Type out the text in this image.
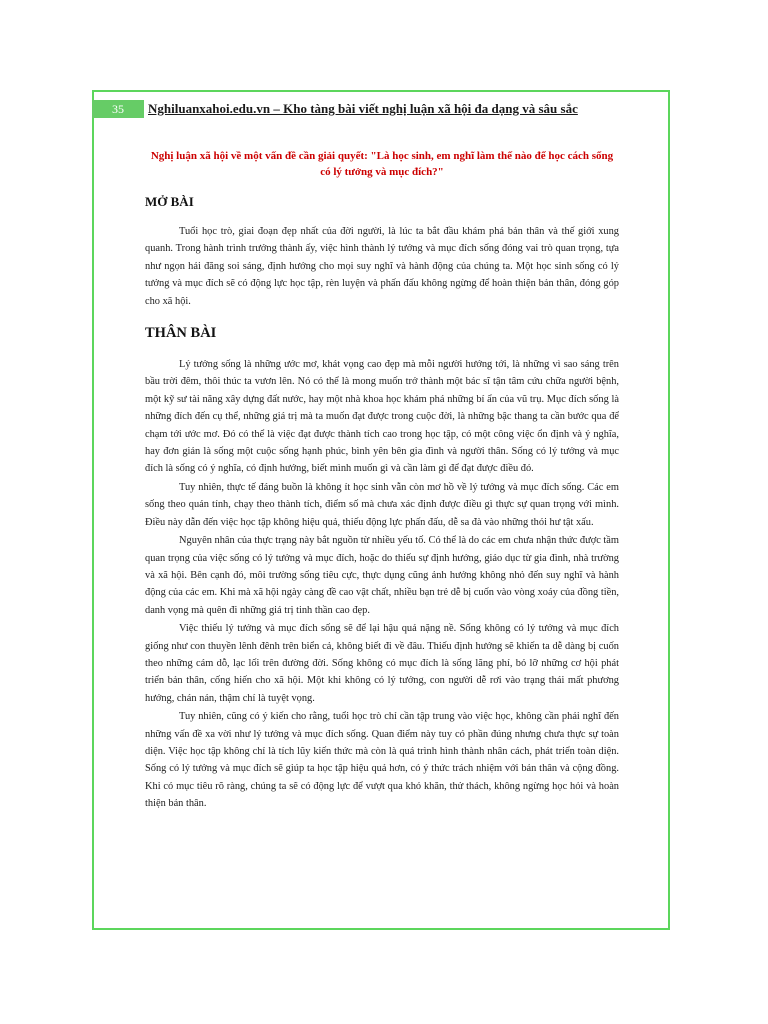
35	Nghiluanxahoi.edu.vn – Kho tàng bài viết nghị luận xã hội đa dạng và sâu sắc
Nghị luận xã hội về một vấn đề cần giải quyết: "Là học sinh, em nghĩ làm thế nào để học cách sống có lý tưởng và mục đích?"
MỞ BÀI

Tuổi học trò, giai đoạn đẹp nhất của đời người, là lúc ta bắt đầu khám phá bản thân và thế giới xung quanh. Trong hành trình trưởng thành ấy, việc hình thành lý tưởng và mục đích sống đóng vai trò quan trọng, tựa như ngọn hải đăng soi sáng, định hướng cho mọi suy nghĩ và hành động của chúng ta. Một học sinh sống có lý tưởng và mục đích sẽ có động lực học tập, rèn luyện và phấn đấu không ngừng để hoàn thiện bản thân, đóng góp cho xã hội.

THÂN BÀI

Lý tưởng sống là những ước mơ, khát vọng cao đẹp mà mỗi người hướng tới, là những vì sao sáng trên bầu trời đêm, thôi thúc ta vươn lên. Nó có thể là mong muốn trở thành một bác sĩ tận tâm cứu chữa người bệnh, một kỹ sư tài năng xây dựng đất nước, hay một nhà khoa học khám phá những bí ẩn của vũ trụ. Mục đích sống là những đích đến cụ thể, những giá trị mà ta muốn đạt được trong cuộc đời, là những bậc thang ta cần bước qua để chạm tới ước mơ. Đó có thể là việc đạt được thành tích cao trong học tập, có một công việc ổn định và ý nghĩa, hay đơn giản là sống một cuộc sống hạnh phúc, bình yên bên gia đình và người thân. Sống có lý tưởng và mục đích là sống có ý nghĩa, có định hướng, biết mình muốn gì và cần làm gì để đạt được điều đó.

Tuy nhiên, thực tế đáng buồn là không ít học sinh vẫn còn mơ hồ về lý tưởng và mục đích sống. Các em sống theo quán tính, chạy theo thành tích, điểm số mà chưa xác định được điều gì thực sự quan trọng với mình. Điều này dẫn đến việc học tập không hiệu quả, thiếu động lực phấn đấu, dễ sa đà vào những thói hư tật xấu.

Nguyên nhân của thực trạng này bắt nguồn từ nhiều yếu tố. Có thể là do các em chưa nhận thức được tầm quan trọng của việc sống có lý tưởng và mục đích, hoặc do thiếu sự định hướng, giáo dục từ gia đình, nhà trường và xã hội. Bên cạnh đó, môi trường sống tiêu cực, thực dụng cũng ảnh hưởng không nhỏ đến suy nghĩ và hành động của các em. Khi mà xã hội ngày càng đề cao vật chất, nhiều bạn trẻ dễ bị cuốn vào vòng xoáy của đồng tiền, danh vọng mà quên đi những giá trị tinh thần cao đẹp.

Việc thiếu lý tưởng và mục đích sống sẽ để lại hậu quả nặng nề. Sống không có lý tưởng và mục đích giống như con thuyền lênh đênh trên biển cả, không biết đi về đâu. Thiếu định hướng sẽ khiến ta dễ dàng bị cuốn theo những cám dỗ, lạc lối trên đường đời. Sống không có mục đích là sống lãng phí, bỏ lỡ những cơ hội phát triển bản thân, cống hiến cho xã hội. Một khi không có lý tưởng, con người dễ rơi vào trạng thái mất phương hướng, chán nản, thậm chí là tuyệt vọng.

Tuy nhiên, cũng có ý kiến cho rằng, tuổi học trò chỉ cần tập trung vào việc học, không cần phải nghĩ đến những vấn đề xa vời như lý tưởng và mục đích sống. Quan điểm này tuy có phần đúng nhưng chưa thực sự toàn diện. Việc học tập không chỉ là tích lũy kiến thức mà còn là quá trình hình thành nhân cách, phát triển toàn diện. Sống có lý tưởng và mục đích sẽ giúp ta học tập hiệu quả hơn, có ý thức trách nhiệm với bản thân và cộng đồng. Khi có mục tiêu rõ ràng, chúng ta sẽ có động lực để vượt qua khó khăn, thử thách, không ngừng học hỏi và hoàn thiện bản thân.
